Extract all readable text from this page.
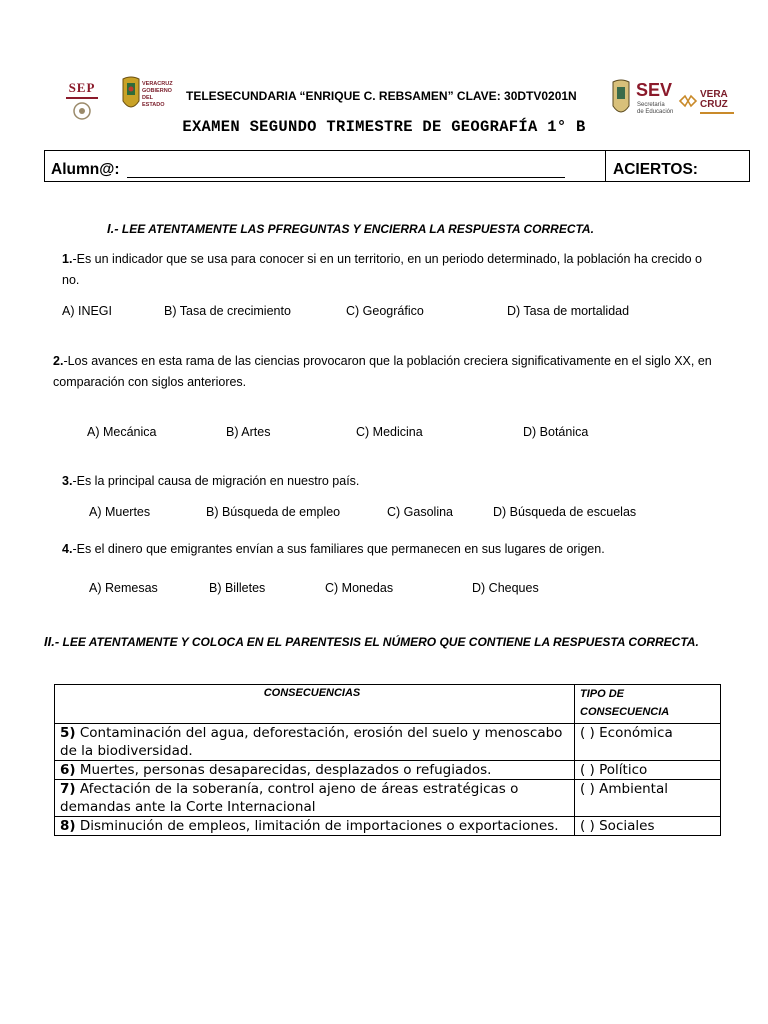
SEP	VERACRUZ GOBIERNO DEL ESTADO
TELESECUNDARIA “ENRIQUE C. REBSAMEN” CLAVE: 30DTV0201N	SEV
Secretaría
de Educación
VERA CRUZ
EXAMEN SEGUNDO TRIMESTRE DE GEOGRAFÍA 1° B
Alumn@:	ACIERTOS:
I.- LEE ATENTAMENTE LAS PFREGUNTAS Y ENCIERRA LA RESPUESTA CORRECTA.
1.-Es un indicador que se usa para conocer si en un territorio, en un periodo determinado, la población ha crecido o no.
A) INEGI	B) Tasa de crecimiento	C) Geográfico	D) Tasa de mortalidad
2.-Los avances en esta rama de las ciencias provocaron que la población creciera significativamente en el siglo XX, en comparación con siglos anteriores.
A) Mecánica	B) Artes	C) Medicina	D) Botánica
3.-Es la principal causa de migración en nuestro país.
A) Muertes	B) Búsqueda de empleo	C) Gasolina	D) Búsqueda de escuelas
4.-Es el dinero que emigrantes envían a sus familiares que permanecen en sus lugares de origen.
A) Remesas	B) Billetes	C) Monedas	D) Cheques
II.- LEE ATENTAMENTE Y COLOCA EN EL PARENTESIS EL NÚMERO QUE CONTIENE LA RESPUESTA CORRECTA.
CONSECUENCIAS	TIPO DE CONSECUENCIA
5) Contaminación del agua, deforestación, erosión del suelo y menoscabo de la biodiversidad.	( ) Económica
6) Muertes, personas desaparecidas, desplazados o refugiados.	( ) Político
7) Afectación de la soberanía, control ajeno de áreas estratégicas o demandas ante la Corte Internacional	( ) Ambiental
8) Disminución de empleos, limitación de importaciones o exportaciones.	( ) Sociales
